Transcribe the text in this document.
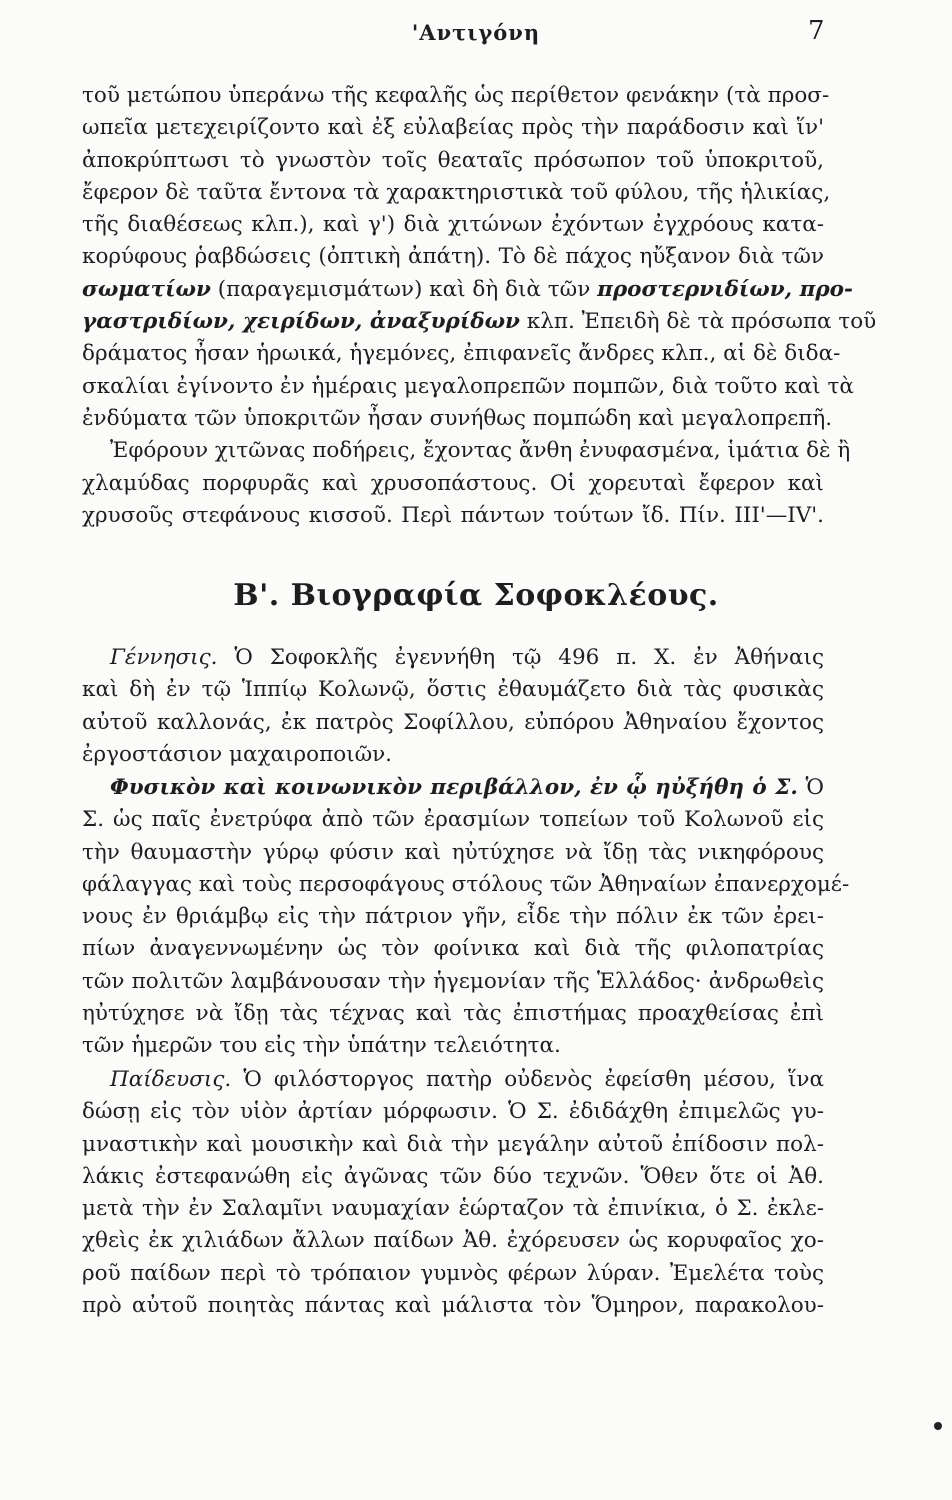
'Αντιγόνη	7
τοῦ μετώπου ὑπεράνω τῆς κεφαλῆς ὡς περίθετον φενάκην (τὰ προσ-
ωπεῖα μετεχειρίζοντο καὶ ἐξ εὐλαβείας πρὸς τὴν παράδοσιν καὶ ἵν'
ἀποκρύπτωσι τὸ γνωστὸν τοῖς θεαταῖς πρόσωπον τοῦ ὑποκριτοῦ,
ἔφερον δὲ ταῦτα ἔντονα τὰ χαρακτηριστικὰ τοῦ φύλου, τῆς ἡλικίας,
τῆς διαθέσεως κλπ.), καὶ γ') διὰ χιτώνων ἐχόντων ἐγχρόους κατα-
κορύφους ῥαβδώσεις (ὀπτικὴ ἀπάτη). Τὸ δὲ πάχος ηὔξανον διὰ τῶν
σωματίων (παραγεμισμάτων) καὶ δὴ διὰ τῶν προστερνιδίων, προ-
γαστριδίων, χειρίδων, ἀναξυρίδων κλπ. Ἐπειδὴ δὲ τὰ πρόσωπα τοῦ
δράματος ἦσαν ἡρωικά, ἡγεμόνες, ἐπιφανεῖς ἄνδρες κλπ., αἱ δὲ διδα-
σκαλίαι ἐγίνοντο ἐν ἡμέραις μεγαλοπρεπῶν πομπῶν, διὰ τοῦτο καὶ τὰ
ἐνδύματα τῶν ὑποκριτῶν ἦσαν συνήθως πομπώδη καὶ μεγαλοπρεπῆ.
Ἐφόρουν χιτῶνας ποδήρεις, ἔχοντας ἄνθη ἐνυφασμένα, ἱμάτια δὲ ἢ
χλαμύδας πορφυρᾶς καὶ χρυσοπάστους. Οἱ χορευταὶ ἔφερον καὶ
χρυσοῦς στεφάνους κισσοῦ. Περὶ πάντων τούτων ἴδ. Πίν. ΙΙΙ'—IV'.
Β'. Βιογραφία Σοφοκλέους.
Γέννησις. Ὁ Σοφοκλῆς ἐγεννήθη τῷ 496 π. Χ. ἐν Ἀθήναις
καὶ δὴ ἐν τῷ Ἱππίῳ Κολωνῷ, ὅστις ἐθαυμάζετο διὰ τὰς φυσικὰς
αὐτοῦ καλλονάς, ἐκ πατρὸς Σοφίλλου, εὐπόρου Ἀθηναίου ἔχοντος
ἐργοστάσιον μαχαιροποιῶν.
Φυσικὸν καὶ κοινωνικὸν περιβάλλον, ἐν ᾧ ηὐξήθη ὁ Σ. Ὁ
Σ. ὡς παῖς ἐνετρύφα ἀπὸ τῶν ἐρασμίων τοπείων τοῦ Κολωνοῦ εἰς
τὴν θαυμαστὴν γύρῳ φύσιν καὶ ηὐτύχησε νὰ ἴδῃ τὰς νικηφόρους
φάλαγγας καὶ τοὺς περσοφάγους στόλους τῶν Ἀθηναίων ἐπανερχομέ-
νους ἐν θριάμβῳ εἰς τὴν πάτριον γῆν, εἶδε τὴν πόλιν ἐκ τῶν ἐρει-
πίων ἀναγεννωμένην ὡς τὸν φοίνικα καὶ διὰ τῆς φιλοπατρίας
τῶν πολιτῶν λαμβάνουσαν τὴν ἡγεμονίαν τῆς Ἑλλάδος· ἀνδρωθεὶς
ηὐτύχησε νὰ ἴδῃ τὰς τέχνας καὶ τὰς ἐπιστήμας προαχθείσας ἐπὶ
τῶν ἡμερῶν του εἰς τὴν ὑπάτην τελειότητα.
Παίδευσις. Ὁ φιλόστοργος πατὴρ οὐδενὸς ἐφείσθη μέσου, ἵνα
δώσῃ εἰς τὸν υἱὸν ἀρτίαν μόρφωσιν. Ὁ Σ. ἐδιδάχθη ἐπιμελῶς γυ-
μναστικὴν καὶ μουσικὴν καὶ διὰ τὴν μεγάλην αὐτοῦ ἐπίδοσιν πολ-
λάκις ἐστεφανώθη εἰς ἀγῶνας τῶν δύο τεχνῶν. Ὅθεν ὅτε οἱ Ἀθ.
μετὰ τὴν ἐν Σαλαμῖνι ναυμαχίαν ἑώρταζον τὰ ἐπινίκια, ὁ Σ. ἐκλε-
χθεὶς ἐκ χιλιάδων ἄλλων παίδων Ἀθ. ἐχόρευσεν ὡς κορυφαῖος χο-
ροῦ παίδων περὶ τὸ τρόπαιον γυμνὸς φέρων λύραν. Ἐμελέτα τοὺς
πρὸ αὐτοῦ ποιητὰς πάντας καὶ μάλιστα τὸν Ὅμηρον, παρακολου-
